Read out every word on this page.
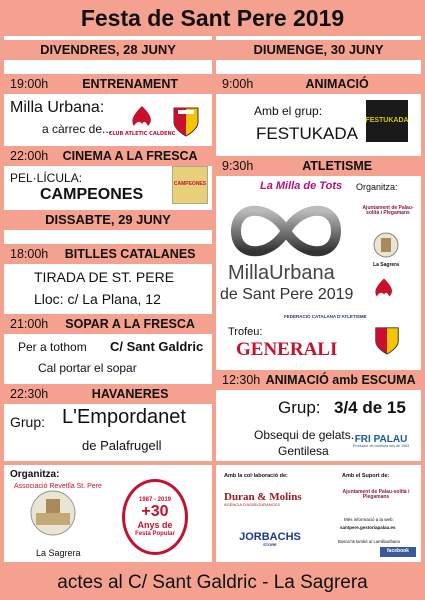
Festa de Sant Pere 2019
DIVENDRES, 28 JUNY
19:00h	ENTRENAMENT
Milla Urbana:
a càrrec de...
CLUB ATLETIC CALDENC
22:00h	CINEMA A LA FRESCA
PEL·LÍCULA:
CAMPEONES
CAMPEONES
DISSABTE, 29 JUNY
18:00h	BITLLES CATALANES
TIRADA DE ST. PERE
Lloc: c/ La Plana, 12
21:00h	SOPAR A LA FRESCA
Per a tothom C/ Sant Galdric
Cal portar el sopar
22:30h	HAVANERES
Grup: L'Empordanet
de Palafrugell
DIUMENGE, 30 JUNY
9:00h	ANIMACIÓ
Amb el grup:
FESTUKADA
FESTUKADA
9:30h	ATLETISME
La Milla de Tots
MillaUrbana
de Sant Pere 2019
Organitza:
Ajuntament de Palau-solità i Plegamans
La Sagrera
Trofeu:
FEDERACIÓ CATALANA D'ATLETISME
GENERALI
12:30h ANIMACIÓ amb ESCUMA
Grup: 3/4 de 15
Obsequi de gelats.
Gentilesa
FRI PALAU
Productor de confitura des de 1983
Organitza:
Associació Revetlla St. Pere
La Sagrera
1987 - 2019
+30
Anys de
Festa Popular
Amb la col·laboració de:
Duran & Molins
AGÈNCIA D'ASSEGURANCES
JORBACHS
STORE
Amb el Suport de:
Ajuntament de Palau-solità i Plegamans
Més informació a la web:
santpere.gestoriapalau.es
Busca'ns també a/ Lamillaurbana
facebook
actes al C/ Sant Galdric - La Sagrera
